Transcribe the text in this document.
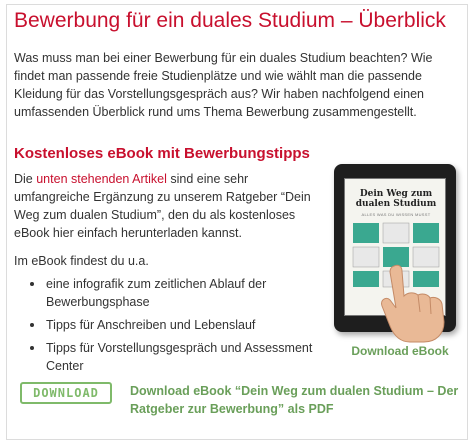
Bewerbung für ein duales Studium – Überblick

Was muss man bei einer Bewerbung für ein duales Studium beachten? Wie findet man passende freie Studienplätze und wie wählt man die passende Kleidung für das Vorstellungsgespräch aus? Wir haben nachfolgend einen umfassenden Überblick rund ums Thema Bewerbung zusammengestellt.

Kostenloses eBook mit Bewerbungstipps

Die unten stehenden Artikel sind eine sehr umfangreiche Ergänzung zu unserem Ratgeber “Dein Weg zum dualen Studium”, den du als kostenloses eBook hier einfach herunterladen kannst.

Im eBook findest du u.a.

eine infografik zum zeitlichen Ablauf der Bewerbungsphase
Tipps für Anschreiben und Lebenslauf
Tipps für Vorstellungsgespräch und Assessment Center
Dein Weg zum dualen Studium
ALLES WAS DU WISSEN MUSST
Download eBook
DOWNLOAD Download eBook “Dein Weg zum dualen Studium – Der Ratgeber zur Bewerbung” als PDF
